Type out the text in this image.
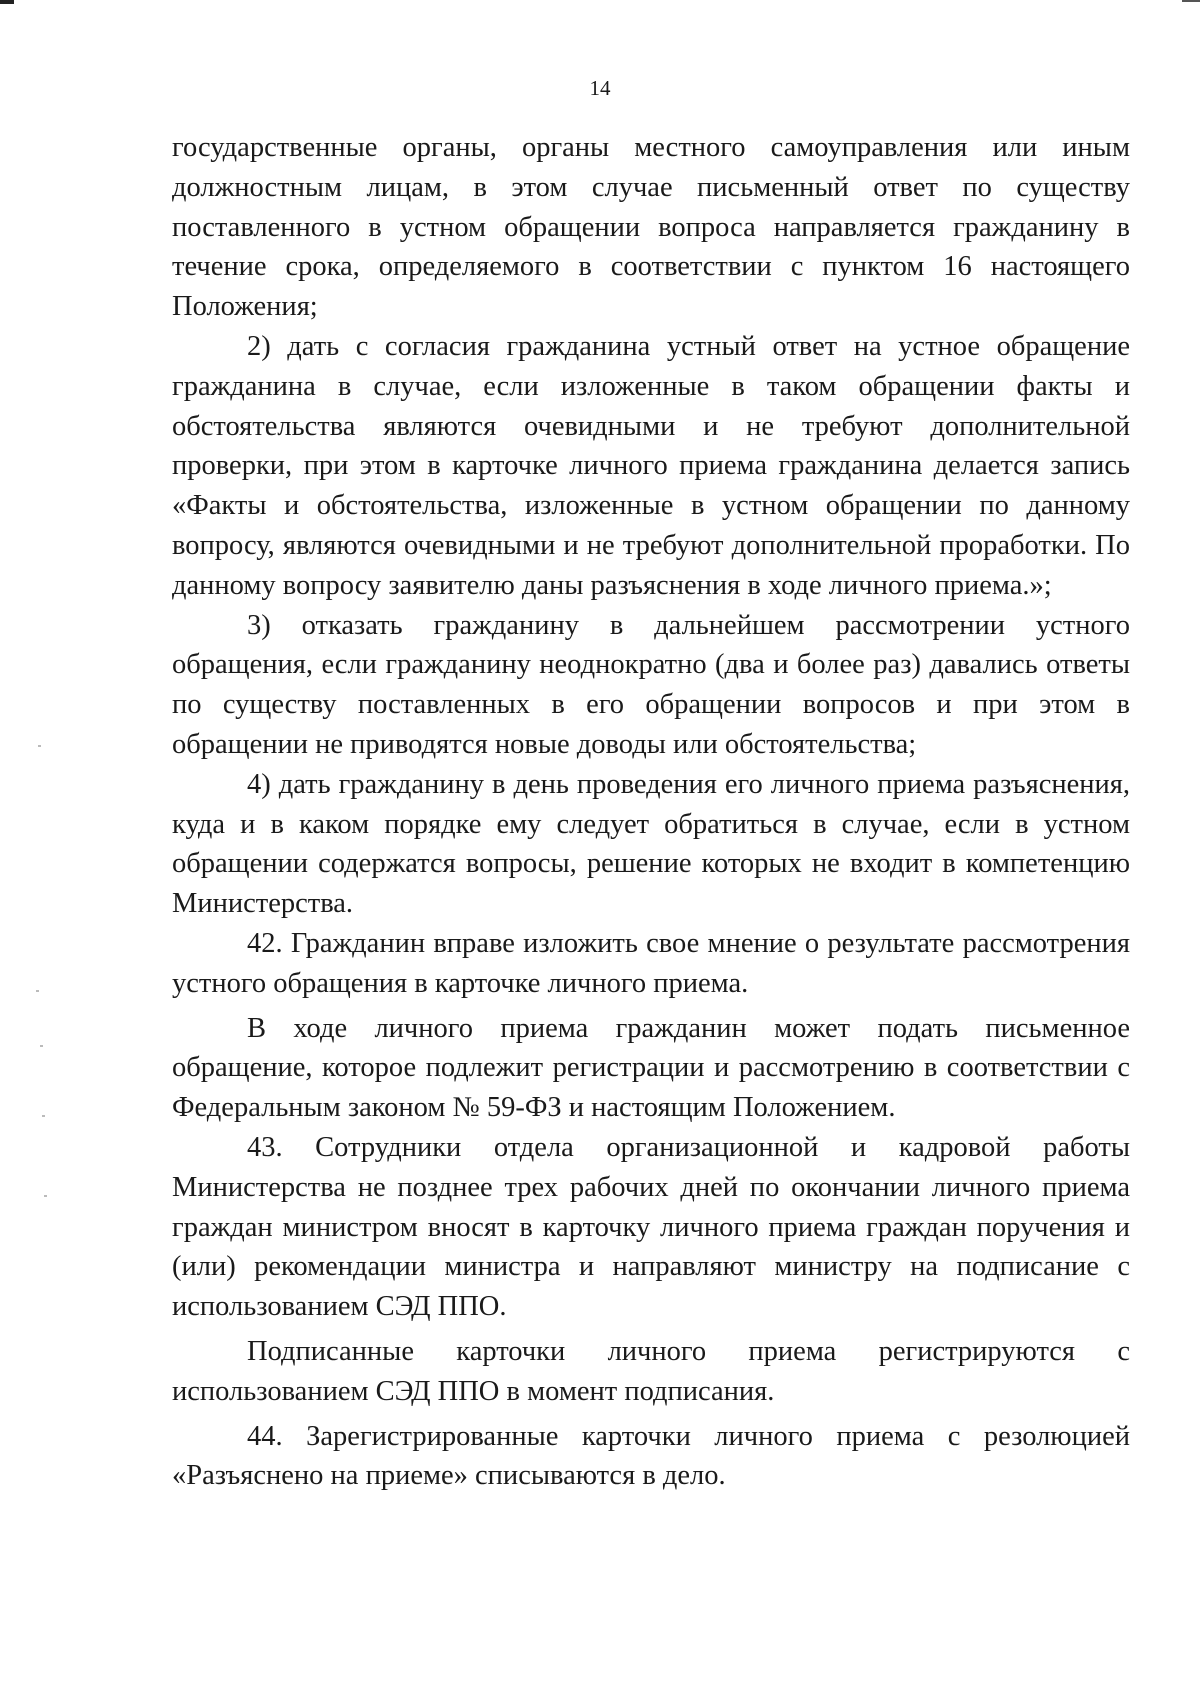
14

государственные органы, органы местного самоуправления или иным должностным лицам, в этом случае письменный ответ по существу поставленного в устном обращении вопроса направляется гражданину в течение срока, определяемого в соответствии с пунктом 16 настоящего Положения;

2) дать с согласия гражданина устный ответ на устное обращение гражданина в случае, если изложенные в таком обращении факты и обстоятельства являются очевидными и не требуют дополнительной проверки, при этом в карточке личного приема гражданина делается запись «Факты и обстоятельства, изложенные в устном обращении по данному вопросу, являются очевидными и не требуют дополнительной проработки. По данному вопросу заявителю даны разъяснения в ходе личного приема.»;

3) отказать гражданину в дальнейшем рассмотрении устного обращения, если гражданину неоднократно (два и более раз) давались ответы по существу поставленных в его обращении вопросов и при этом в обращении не приводятся новые доводы или обстоятельства;

4) дать гражданину в день проведения его личного приема разъяснения, куда и в каком порядке ему следует обратиться в случае, если в устном обращении содержатся вопросы, решение которых не входит в компетенцию Министерства.

42. Гражданин вправе изложить свое мнение о результате рассмотрения устного обращения в карточке личного приема.

В ходе личного приема гражданин может подать письменное обращение, которое подлежит регистрации и рассмотрению в соответствии с Федеральным законом № 59-ФЗ и настоящим Положением.

43. Сотрудники отдела организационной и кадровой работы Министерства не позднее трех рабочих дней по окончании личного приема граждан министром вносят в карточку личного приема граждан поручения и (или) рекомендации министра и направляют министру на подписание с использованием СЭД ППО.

Подписанные карточки личного приема регистрируются с использованием СЭД ППО в момент подписания.

44. Зарегистрированные карточки личного приема с резолюцией «Разъяснено на приеме» списываются в дело.
